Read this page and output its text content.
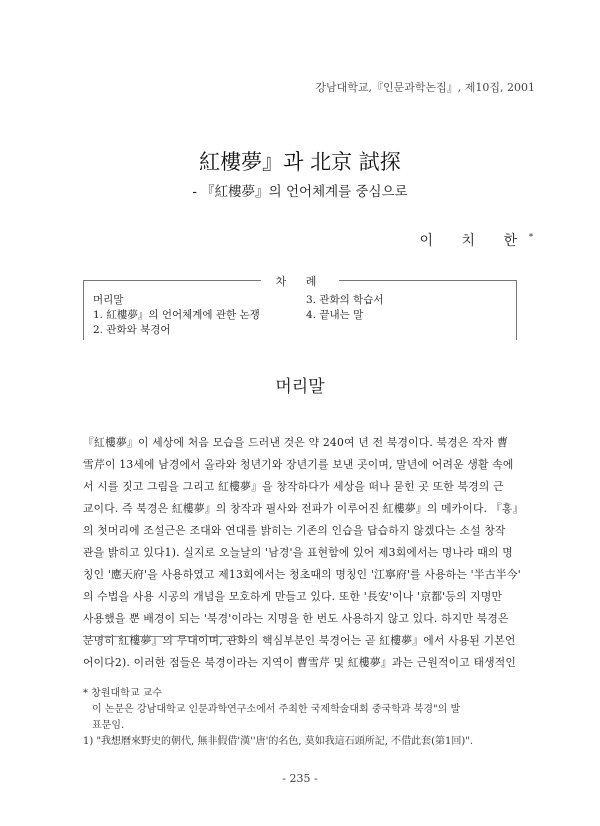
강남대학교,『인문과학논집』, 제10집, 2001
紅樓夢』과 北京 試探
- 『紅樓夢』의 언어체계를 중심으로
이 치 한*
차 례
머리말
1. 紅樓夢』의 언어체계에 관한 논쟁
2. 관화와 북경어
3. 관화의 학습서
4. 끝내는 말
머리말
『紅樓夢』이 세상에 처음 모습을 드러낸 것은 약 240여 년 전 북경이다. 북경은 작자 曹
雪芹이 13세에 남경에서 올라와 청년기와 장년기를 보낸 곳이며, 말년에 어려운 생활 속에
서 시를 짓고 그림을 그리고 紅樓夢』을 창작하다가 세상을 떠나 묻힌 곳 또한 북경의 근
교이다. 즉 북경은 紅樓夢』의 창작과 필사와 전파가 이루어진 紅樓夢』의 메카이다. 『홍』
의 첫머리에 조설근은 조대와 연대를 밝히는 기존의 인습을 답습하지 않겠다는 소설 창작
관을 밝히고 있다1). 실지로 오늘날의 '남경'을 표현함에 있어 제3회에서는 명나라 때의 명
칭인 '應天府'을 사용하였고 제13회에서는 청초때의 명칭인 '江寧府'를 사용하는 '半古半今'
의 수법을 사용 시공의 개념을 모호하게 만들고 있다. 또한 '長安'이나 '京都'등의 지명만
사용했을 뿐 배경이 되는 '북경'이라는 지명을 한 번도 사용하지 않고 있다. 하지만 북경은
분명히 紅樓夢』의 무대이며, 관화의 핵심부분인 북경어는 곧 紅樓夢』에서 사용된 기본언
어이다2). 이러한 점들은 북경이라는 지역이 曹雪芹 및 紅樓夢』과는 근원적이고 태생적인
* 창원대학교 교수
이 논문은 강남대학교 인문과학연구소에서 주최한 국제학술대회 중국학과 북경"의 발
표문임.
1) "我想曆來野史的朝代, 無非假借'漢''唐'的名色, 莫如我這石頭所記, 不借此套(第1回)".
- 235 -
